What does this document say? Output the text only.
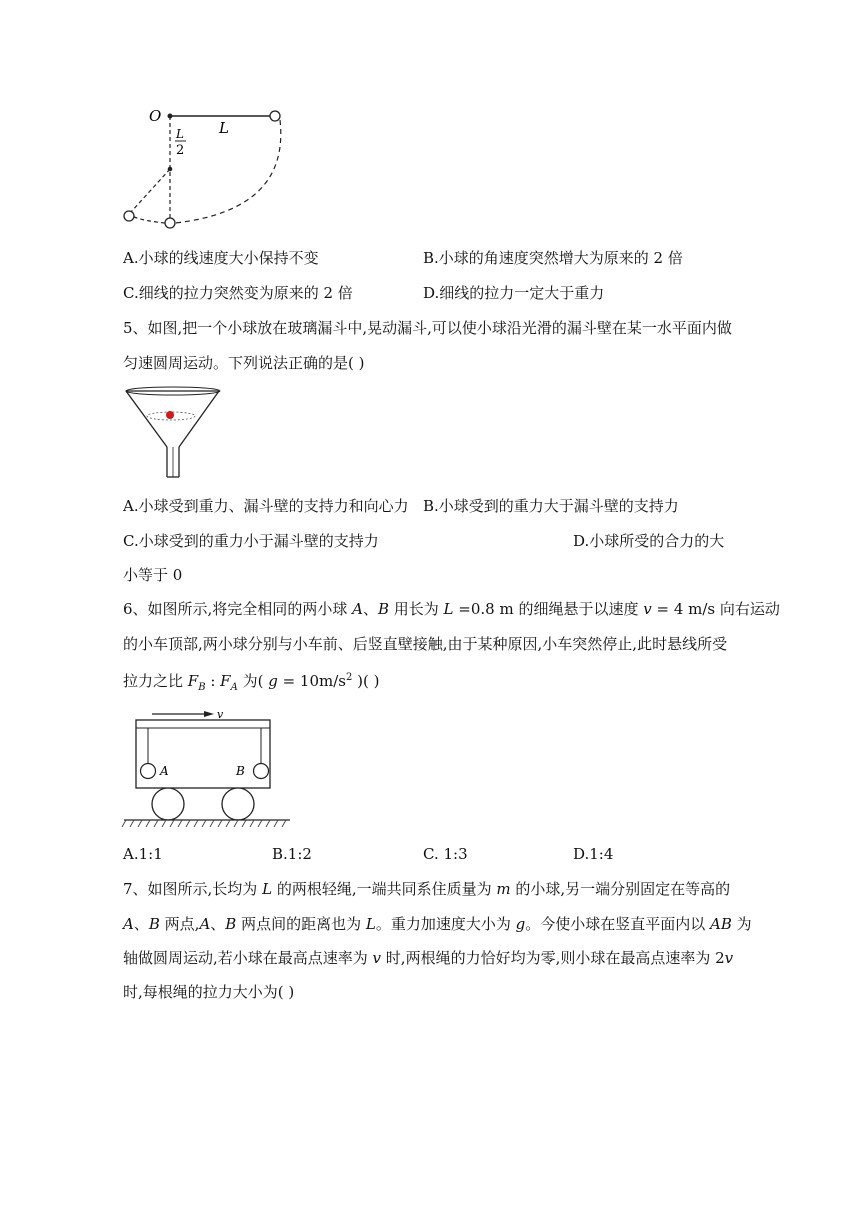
O
L
L
2
A.小球的线速度大小保持不变	B.小球的角速度突然增大为原来的 2 倍
C.细线的拉力突然变为原来的 2 倍	D.细线的拉力一定大于重力
5、如图,把一个小球放在玻璃漏斗中,晃动漏斗,可以使小球沿光滑的漏斗壁在某一水平面内做
匀速圆周运动。下列说法正确的是( )
A.小球受到重力、漏斗壁的支持力和向心力 B.小球受到的重力大于漏斗壁的支持力
C.小球受到的重力小于漏斗壁的支持力	D.小球所受的合力的大
小等于 0
6、如图所示,将完全相同的两小球 A、B 用长为 L =0.8 m 的细绳悬于以速度 v = 4 m/s 向右运动
的小车顶部,两小球分别与小车前、后竖直壁接触,由于某种原因,小车突然停止,此时悬线所受
拉力之比 $F_B$ : $F_A$ 为( $g = 10m/s^2$ )( )
v
A	B
A.1:1	B.1:2	C. 1:3	D.1:4
7、如图所示,长均为 L 的两根轻绳,一端共同系住质量为 m 的小球,另一端分别固定在等高的
A、B 两点,A、B 两点间的距离也为 L。重力加速度大小为 g。今使小球在竖直平面内以 AB 为
轴做圆周运动,若小球在最高点速率为 v 时,两根绳的力恰好均为零,则小球在最高点速率为 2v
时,每根绳的拉力大小为( )
